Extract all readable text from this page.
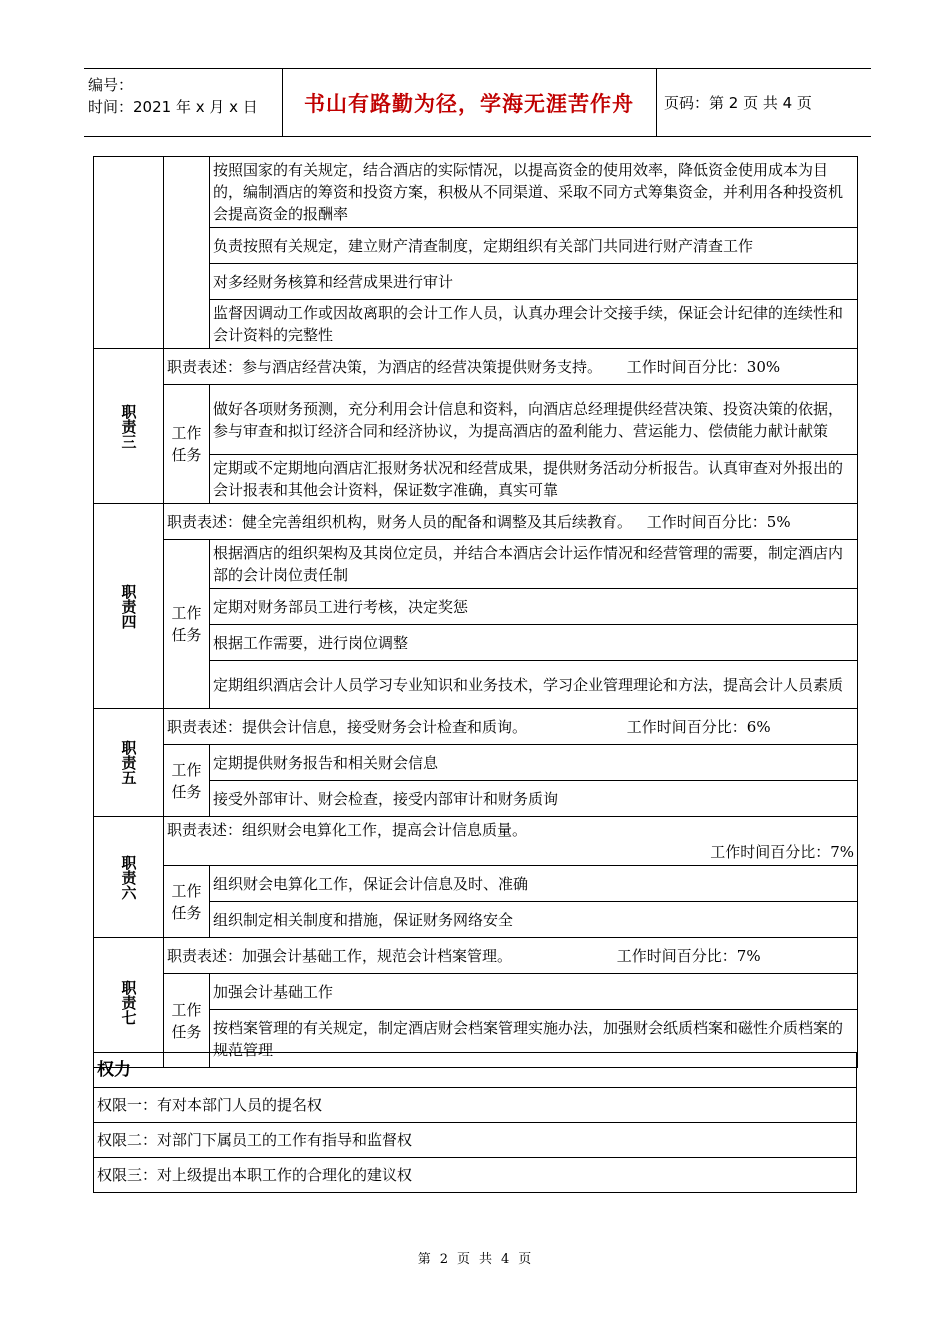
编号：
时间：2021 年 x 月 x 日	书山有路勤为径，学海无涯苦作舟	页码：第 2 页 共 4 页
		按照国家的有关规定，结合酒店的实际情况，以提高资金的使用效率，降低资金使用成本为目的，编制酒店的筹资和投资方案，积极从不同渠道、采取不同方式筹集资金，并利用各种投资机会提高资金的报酬率
		负责按照有关规定，建立财产清查制度，定期组织有关部门共同进行财产清查工作
		对多经财务核算和经营成果进行审计
		监督因调动工作或因故离职的会计工作人员，认真办理会计交接手续，保证会计纪律的连续性和会计资料的完整性
职责三	职责表述：参与酒店经营决策，为酒店的经营决策提供财务支持。 工作时间百分比：30%	
	工作任务	做好各项财务预测，充分利用会计信息和资料，向酒店总经理提供经营决策、投资决策的依据，参与审查和拟订经济合同和经济协议，为提高酒店的盈利能力、营运能力、偿债能力献计献策
		定期或不定期地向酒店汇报财务状况和经营成果，提供财务活动分析报告。认真审查对外报出的会计报表和其他会计资料，保证数字准确，真实可靠
职责四	职责表述：健全完善组织机构，财务人员的配备和调整及其后续教育。 工作时间百分比：5%	
	工作任务	根据酒店的组织架构及其岗位定员，并结合本酒店会计运作情况和经营管理的需要，制定酒店内部的会计岗位责任制
		定期对财务部员工进行考核，决定奖惩
		根据工作需要，进行岗位调整
		定期组织酒店会计人员学习专业知识和业务技术，学习企业管理理论和方法，提高会计人员素质
职责五	职责表述：提供会计信息，接受财务会计检查和质询。 工作时间百分比：6%	
	工作任务	定期提供财务报告和相关财会信息
		接受外部审计、财会检查，接受内部审计和财务质询
职责六	职责表述：组织财会电算化工作，提高会计信息质量。
工作时间百分比：7%	

	工作任务	组织财会电算化工作，保证会计信息及时、准确
		组织制定相关制度和措施，保证财务网络安全
职责七	职责表述：加强会计基础工作，规范会计档案管理。 工作时间百分比：7%	
	工作任务	加强会计基础工作
		按档案管理的有关规定，制定酒店财会档案管理实施办法，加强财会纸质档案和磁性介质档案的规范管理
权力
权限一：有对本部门人员的提名权
权限二：对部门下属员工的工作有指导和监督权
权限三：对上级提出本职工作的合理化的建议权
第 2 页 共 4 页
